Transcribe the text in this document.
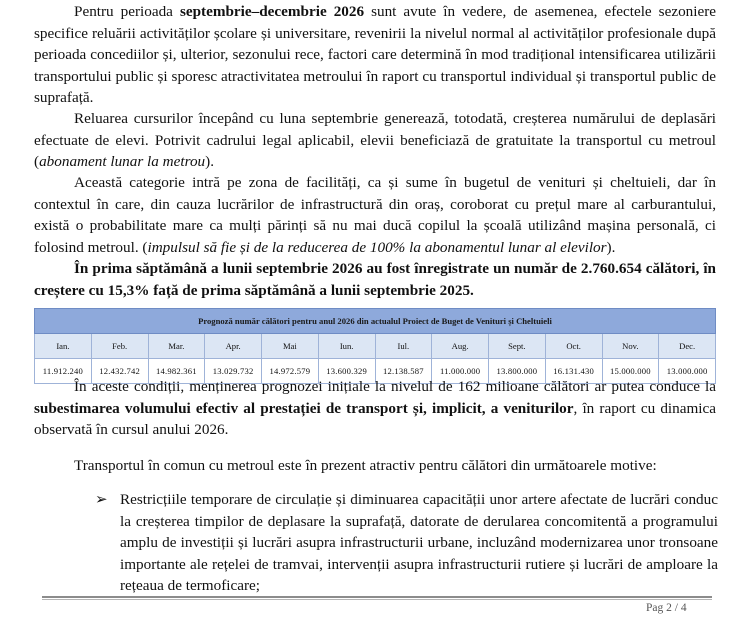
Pentru perioada septembrie–decembrie 2026 sunt avute în vedere, de asemenea, efectele sezoniere specifice reluării activităților școlare și universitare, revenirii la nivelul normal al activităților profesionale după perioada concediilor și, ulterior, sezonului rece, factori care determină în mod tradițional intensificarea utilizării transportului public și sporesc atractivitatea metroului în raport cu transportul individual și transportul public de suprafață.

Reluarea cursurilor începând cu luna septembrie generează, totodată, creșterea numărului de deplasări efectuate de elevi. Potrivit cadrului legal aplicabil, elevii beneficiază de gratuitate la transportul cu metroul (abonament lunar la metrou).

Această categorie intră pe zona de facilități, ca și sume în bugetul de venituri și cheltuieli, dar în contextul în care, din cauza lucrărilor de infrastructură din oraș, coroborat cu prețul mare al carburantului, există o probabilitate mare ca mulți părinți să nu mai ducă copilul la școală utilizând mașina personală, ci folosind metroul. (impulsul să fie și de la reducerea de 100% la abonamentul lunar al elevilor).

În prima săptămână a lunii septembrie 2026 au fost înregistrate un număr de 2.760.654 călători, în creștere cu 15,3% față de prima săptămână a lunii septembrie 2025.

Prognoză număr călători pentru anul 2026 din actualul Proiect de Buget de Venituri și Cheltuieli											
Ian.	Feb.	Mar.	Apr.	Mai	Iun.	Iul.	Aug.	Sept.	Oct.	Nov.	Dec.
11.912.240	12.432.742	14.982.361	13.029.732	14.972.579	13.600.329	12.138.587	11.000.000	13.800.000	16.131.430	15.000.000	13.000.000

În aceste condiții, menținerea prognozei inițiale la nivelul de 162 milioane călători ar putea conduce la subestimarea volumului efectiv al prestației de transport și, implicit, a veniturilor, în raport cu dinamica observată în cursul anului 2026.

Transportul în comun cu metroul este în prezent atractiv pentru călători din următoarele motive:

➢ Restricțiile temporare de circulație și diminuarea capacității unor artere afectate de lucrări conduc la creșterea timpilor de deplasare la suprafață, datorate de derularea concomitentă a programului amplu de investiții și lucrări asupra infrastructurii urbane, incluzând modernizarea unor tronsoane importante ale rețelei de tramvai, intervenții asupra infrastructurii rutiere și lucrări de amploare la rețeaua de termoficare;

Pag 2 / 4
